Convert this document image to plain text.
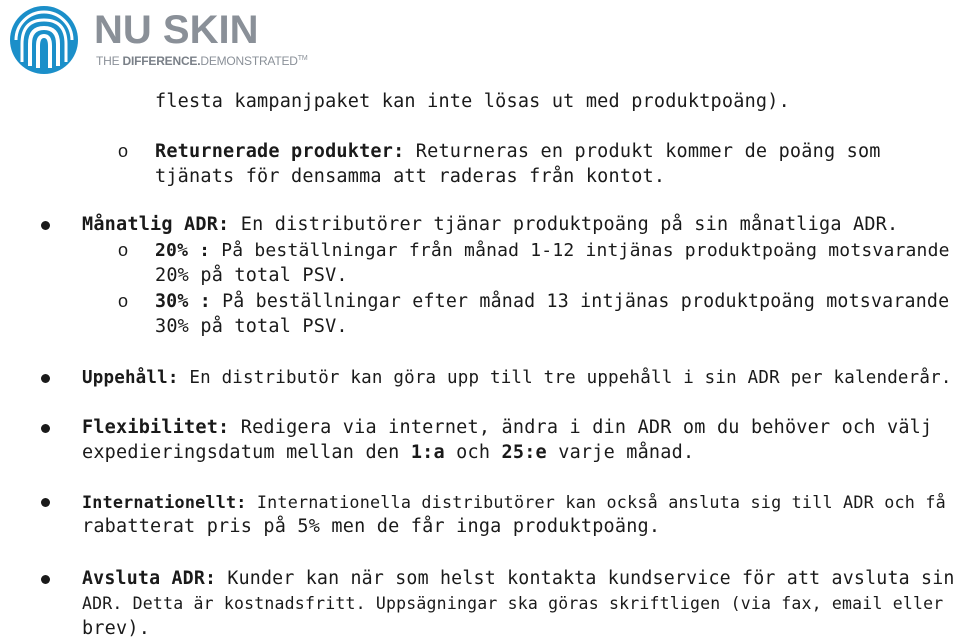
NU SKIN
THE DIFFERENCE.DEMONSTRATED™
flesta kampanjpaket kan inte lösas ut med produktpoäng).
o Returnerade produkter: Returneras en produkt kommer de poäng som
tjänats för densamma att raderas från kontot.
Månatlig ADR: En distributörer tjänar produktpoäng på sin månatliga ADR.
o 20% : På beställningar från månad 1-12 intjänas produktpoäng motsvarande
20% på total PSV.
o 30% : På beställningar efter månad 13 intjänas produktpoäng motsvarande
30% på total PSV.
Uppehåll: En distributör kan göra upp till tre uppehåll i sin ADR per kalenderår.
Flexibilitet: Redigera via internet, ändra i din ADR om du behöver och välj
expedieringsdatum mellan den 1:a och 25:e varje månad.
Internationellt: Internationella distributörer kan också ansluta sig till ADR och få
rabatterat pris på 5% men de får inga produktpoäng.
Avsluta ADR: Kunder kan när som helst kontakta kundservice för att avsluta sin
ADR. Detta är kostnadsfritt. Uppsägningar ska göras skriftligen (via fax, email eller
brev).
